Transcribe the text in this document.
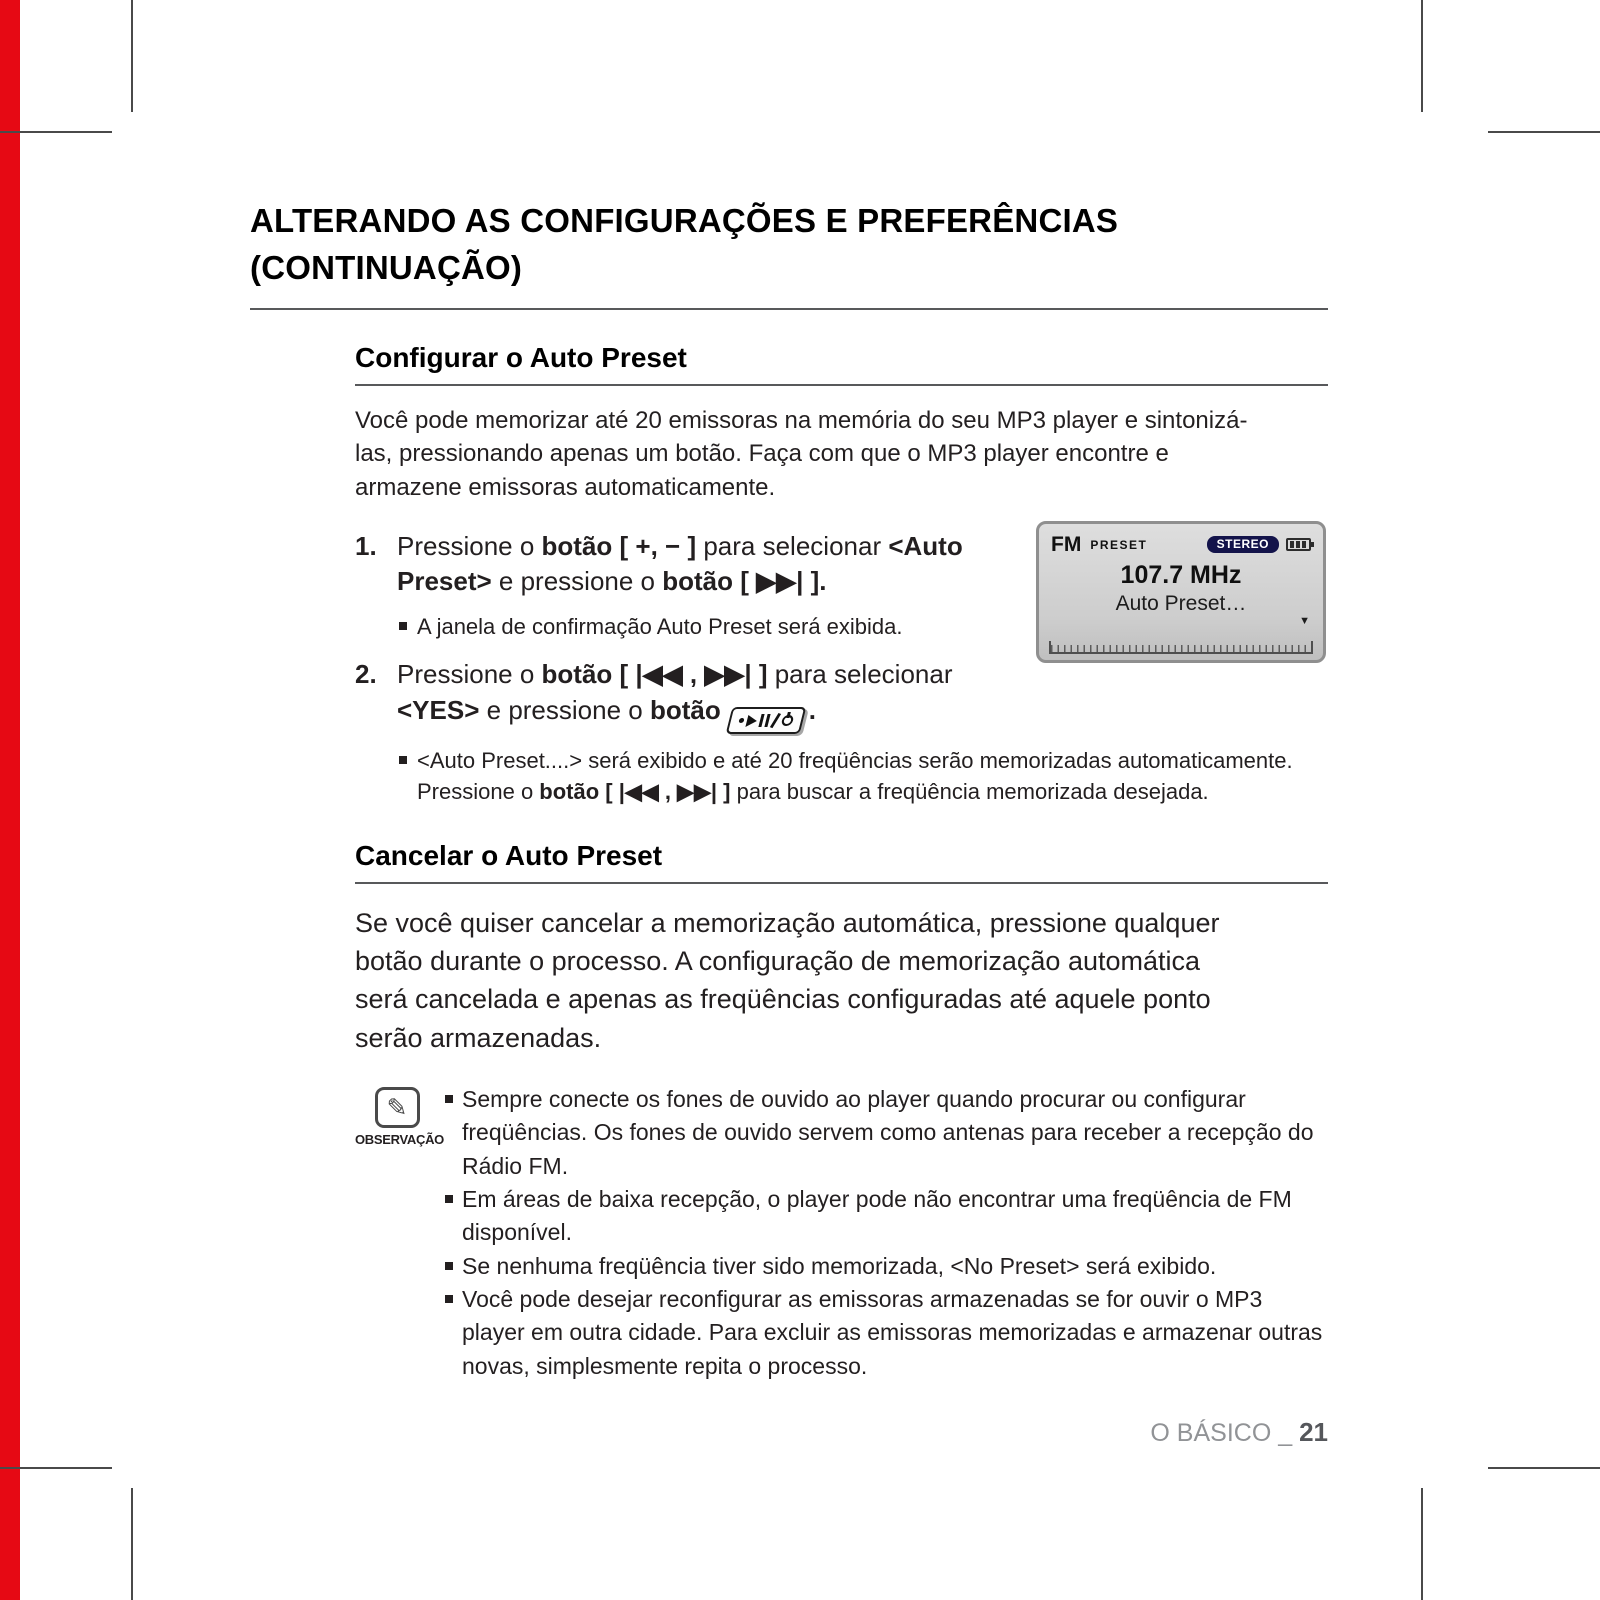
ALTERANDO AS CONFIGURAÇÕES E PREFERÊNCIAS
(CONTINUAÇÃO)
Configurar o Auto Preset

Você pode memorizar até 20 emissoras na memória do seu MP3 player e sintonizá-las, pressionando apenas um botão. Faça com que o MP3 player encontre e armazene emissoras automaticamente.

FM PRESET	STEREO
107.7 MHz
Auto Preset…
▼
1. Pressione o botão [ +, − ] para selecionar <Auto Preset> e pressione o botão [ ▶▶| ].
A janela de confirmação Auto Preset será exibida.
2. Pressione o botão [ |◀◀ , ▶▶| ] para selecionar <YES> e pressione o botão	.
<Auto Preset....> será exibido e até 20 freqüências serão memorizadas automaticamente. Pressione o botão [ |◀◀ , ▶▶| ] para buscar a freqüência memorizada desejada.
Cancelar o Auto Preset

Se você quiser cancelar a memorização automática, pressione qualquer botão durante o processo. A configuração de memorização automática será cancelada e apenas as freqüências configuradas até aquele ponto serão armazenadas.

✎
OBSERVAÇÃO
Sempre conecte os fones de ouvido ao player quando procurar ou configurar freqüências. Os fones de ouvido servem como antenas para receber a recepção do Rádio FM.
Em áreas de baixa recepção, o player pode não encontrar uma freqüência de FM disponível.
Se nenhuma freqüência tiver sido memorizada, <No Preset> será exibido.
Você pode desejar reconfigurar as emissoras armazenadas se for ouvir o MP3 player em outra cidade. Para excluir as emissoras memorizadas e armazenar outras novas, simplesmente repita o processo.
O BÁSICO _ 21
